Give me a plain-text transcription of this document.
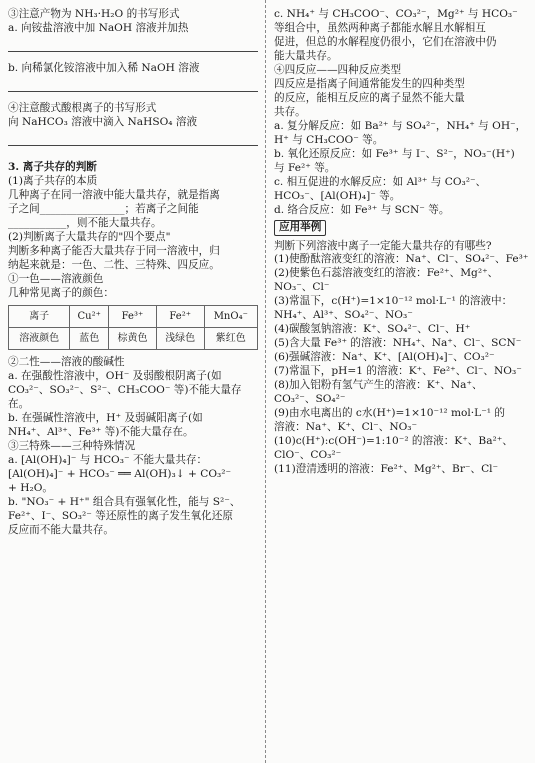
③注意产物为 NH₃·H₂O 的书写形式

a. 向铵盐溶液中加 NaOH 溶液并加热

b. 向稀氯化铵溶液中加入稀 NaOH 溶液

④注意酸式酸根离子的书写形式

向 NaHCO₃ 溶液中滴入 NaHSO₄ 溶液

3. 离子共存的判断

(1)离子共存的本质

几种离子在同一溶液中能大量共存，就是指离

子之间________________；若离子之间能

___________，则不能大量共存。

(2)判断离子大量共存的"四个要点"

判断多种离子能否大量共存于同一溶液中，归

纳起来就是：一色、二性、三特殊、四反应。

①一色——溶液颜色

几种常见离子的颜色：

离子	Cu²⁺	Fe³⁺	Fe²⁺	MnO₄⁻
溶液颜色	蓝色	棕黄色	浅绿色	紫红色

②二性——溶液的酸碱性

a. 在强酸性溶液中，OH⁻ 及弱酸根阴离子(如

CO₃²⁻、SO₃²⁻、S²⁻、CH₃COO⁻ 等)不能大量存在。

b. 在强碱性溶液中，H⁺ 及弱碱阳离子(如

NH₄⁺、Al³⁺、Fe³⁺ 等)不能大量存在。

③三特殊——三种特殊情况

a. [Al(OH)₄]⁻ 与 HCO₃⁻ 不能大量共存：

[Al(OH)₄]⁻ + HCO₃⁻ ══ Al(OH)₃↓ + CO₃²⁻

+ H₂O。

b. "NO₃⁻ + H⁺" 组合具有强氧化性，能与 S²⁻、

Fe²⁺、I⁻、SO₃²⁻ 等还原性的离子发生氧化还原

反应而不能大量共存。

c. NH₄⁺ 与 CH₃COO⁻、CO₃²⁻，Mg²⁺ 与 HCO₃⁻

等组合中，虽然两种离子都能水解且水解相互

促进，但总的水解程度仍很小，它们在溶液中仍

能大量共存。

④四反应——四种反应类型

四反应是指离子间通常能发生的四种类型

的反应，能相互反应的离子显然不能大量

共存。

a. 复分解反应：如 Ba²⁺ 与 SO₄²⁻，NH₄⁺ 与 OH⁻，

H⁺ 与 CH₃COO⁻ 等。

b. 氧化还原反应：如 Fe³⁺ 与 I⁻、S²⁻，NO₃⁻(H⁺)

与 Fe²⁺ 等。

c. 相互促进的水解反应：如 Al³⁺ 与 CO₃²⁻、

HCO₃⁻、[Al(OH)₄]⁻ 等。

d. 络合反应：如 Fe³⁺ 与 SCN⁻ 等。

应用举例

判断下列溶液中离子一定能大量共存的有哪些?

(1)使酚酞溶液变红的溶液：Na⁺、Cl⁻、SO₄²⁻、Fe³⁺

(2)使紫色石蕊溶液变红的溶液：Fe²⁺、Mg²⁺、

NO₃⁻、Cl⁻

(3)常温下，c(H⁺)=1×10⁻¹² mol·L⁻¹ 的溶液中：

NH₄⁺、Al³⁺、SO₄²⁻、NO₃⁻

(4)碳酸氢钠溶液：K⁺、SO₄²⁻、Cl⁻、H⁺

(5)含大量 Fe³⁺ 的溶液：NH₄⁺、Na⁺、Cl⁻、SCN⁻

(6)强碱溶液：Na⁺、K⁺、[Al(OH)₄]⁻、CO₃²⁻

(7)常温下，pH=1 的溶液：K⁺、Fe²⁺、Cl⁻、NO₃⁻

(8)加入铝粉有氢气产生的溶液：K⁺、Na⁺、

CO₃²⁻、SO₄²⁻

(9)由水电离出的 c水(H⁺)=1×10⁻¹² mol·L⁻¹ 的

溶液：Na⁺、K⁺、Cl⁻、NO₃⁻

(10)c(H⁺):c(OH⁻)=1:10⁻² 的溶液：K⁺、Ba²⁺、

ClO⁻、CO₃²⁻

(11)澄清透明的溶液：Fe²⁺、Mg²⁺、Br⁻、Cl⁻
